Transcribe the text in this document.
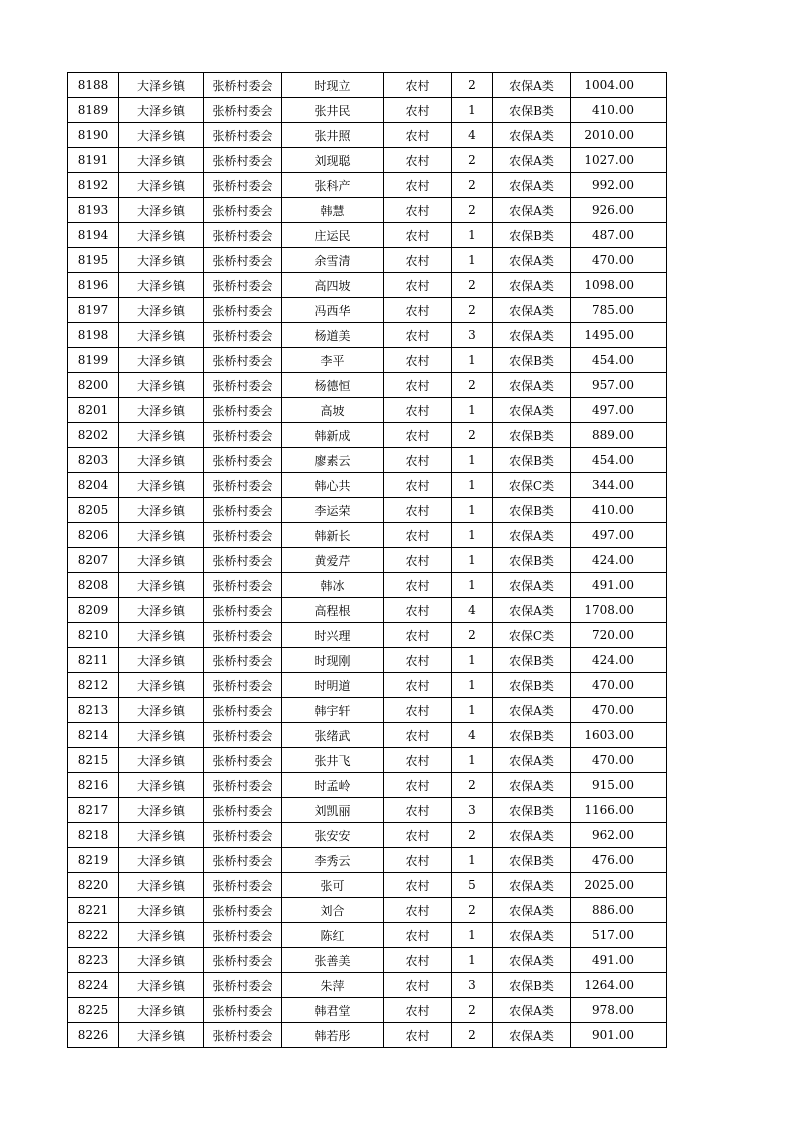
8188	大泽乡镇	张桥村委会	时现立	农村	2	农保A类	1004.00
8189	大泽乡镇	张桥村委会	张井民	农村	1	农保B类	410.00
8190	大泽乡镇	张桥村委会	张井照	农村	4	农保A类	2010.00
8191	大泽乡镇	张桥村委会	刘现聪	农村	2	农保A类	1027.00
8192	大泽乡镇	张桥村委会	张科产	农村	2	农保A类	992.00
8193	大泽乡镇	张桥村委会	韩慧	农村	2	农保A类	926.00
8194	大泽乡镇	张桥村委会	庄运民	农村	1	农保B类	487.00
8195	大泽乡镇	张桥村委会	余雪清	农村	1	农保A类	470.00
8196	大泽乡镇	张桥村委会	高四坡	农村	2	农保A类	1098.00
8197	大泽乡镇	张桥村委会	冯西华	农村	2	农保A类	785.00
8198	大泽乡镇	张桥村委会	杨道美	农村	3	农保A类	1495.00
8199	大泽乡镇	张桥村委会	李平	农村	1	农保B类	454.00
8200	大泽乡镇	张桥村委会	杨德恒	农村	2	农保A类	957.00
8201	大泽乡镇	张桥村委会	高坡	农村	1	农保A类	497.00
8202	大泽乡镇	张桥村委会	韩新成	农村	2	农保B类	889.00
8203	大泽乡镇	张桥村委会	廖素云	农村	1	农保B类	454.00
8204	大泽乡镇	张桥村委会	韩心共	农村	1	农保C类	344.00
8205	大泽乡镇	张桥村委会	李运荣	农村	1	农保B类	410.00
8206	大泽乡镇	张桥村委会	韩新长	农村	1	农保A类	497.00
8207	大泽乡镇	张桥村委会	黄爱芹	农村	1	农保B类	424.00
8208	大泽乡镇	张桥村委会	韩冰	农村	1	农保A类	491.00
8209	大泽乡镇	张桥村委会	高程根	农村	4	农保A类	1708.00
8210	大泽乡镇	张桥村委会	时兴理	农村	2	农保C类	720.00
8211	大泽乡镇	张桥村委会	时现刚	农村	1	农保B类	424.00
8212	大泽乡镇	张桥村委会	时明道	农村	1	农保B类	470.00
8213	大泽乡镇	张桥村委会	韩宇轩	农村	1	农保A类	470.00
8214	大泽乡镇	张桥村委会	张绪武	农村	4	农保B类	1603.00
8215	大泽乡镇	张桥村委会	张井飞	农村	1	农保A类	470.00
8216	大泽乡镇	张桥村委会	时孟岭	农村	2	农保A类	915.00
8217	大泽乡镇	张桥村委会	刘凯丽	农村	3	农保B类	1166.00
8218	大泽乡镇	张桥村委会	张安安	农村	2	农保A类	962.00
8219	大泽乡镇	张桥村委会	李秀云	农村	1	农保B类	476.00
8220	大泽乡镇	张桥村委会	张可	农村	5	农保A类	2025.00
8221	大泽乡镇	张桥村委会	刘合	农村	2	农保A类	886.00
8222	大泽乡镇	张桥村委会	陈红	农村	1	农保A类	517.00
8223	大泽乡镇	张桥村委会	张善美	农村	1	农保A类	491.00
8224	大泽乡镇	张桥村委会	朱萍	农村	3	农保B类	1264.00
8225	大泽乡镇	张桥村委会	韩君堂	农村	2	农保A类	978.00
8226	大泽乡镇	张桥村委会	韩若彤	农村	2	农保A类	901.00
